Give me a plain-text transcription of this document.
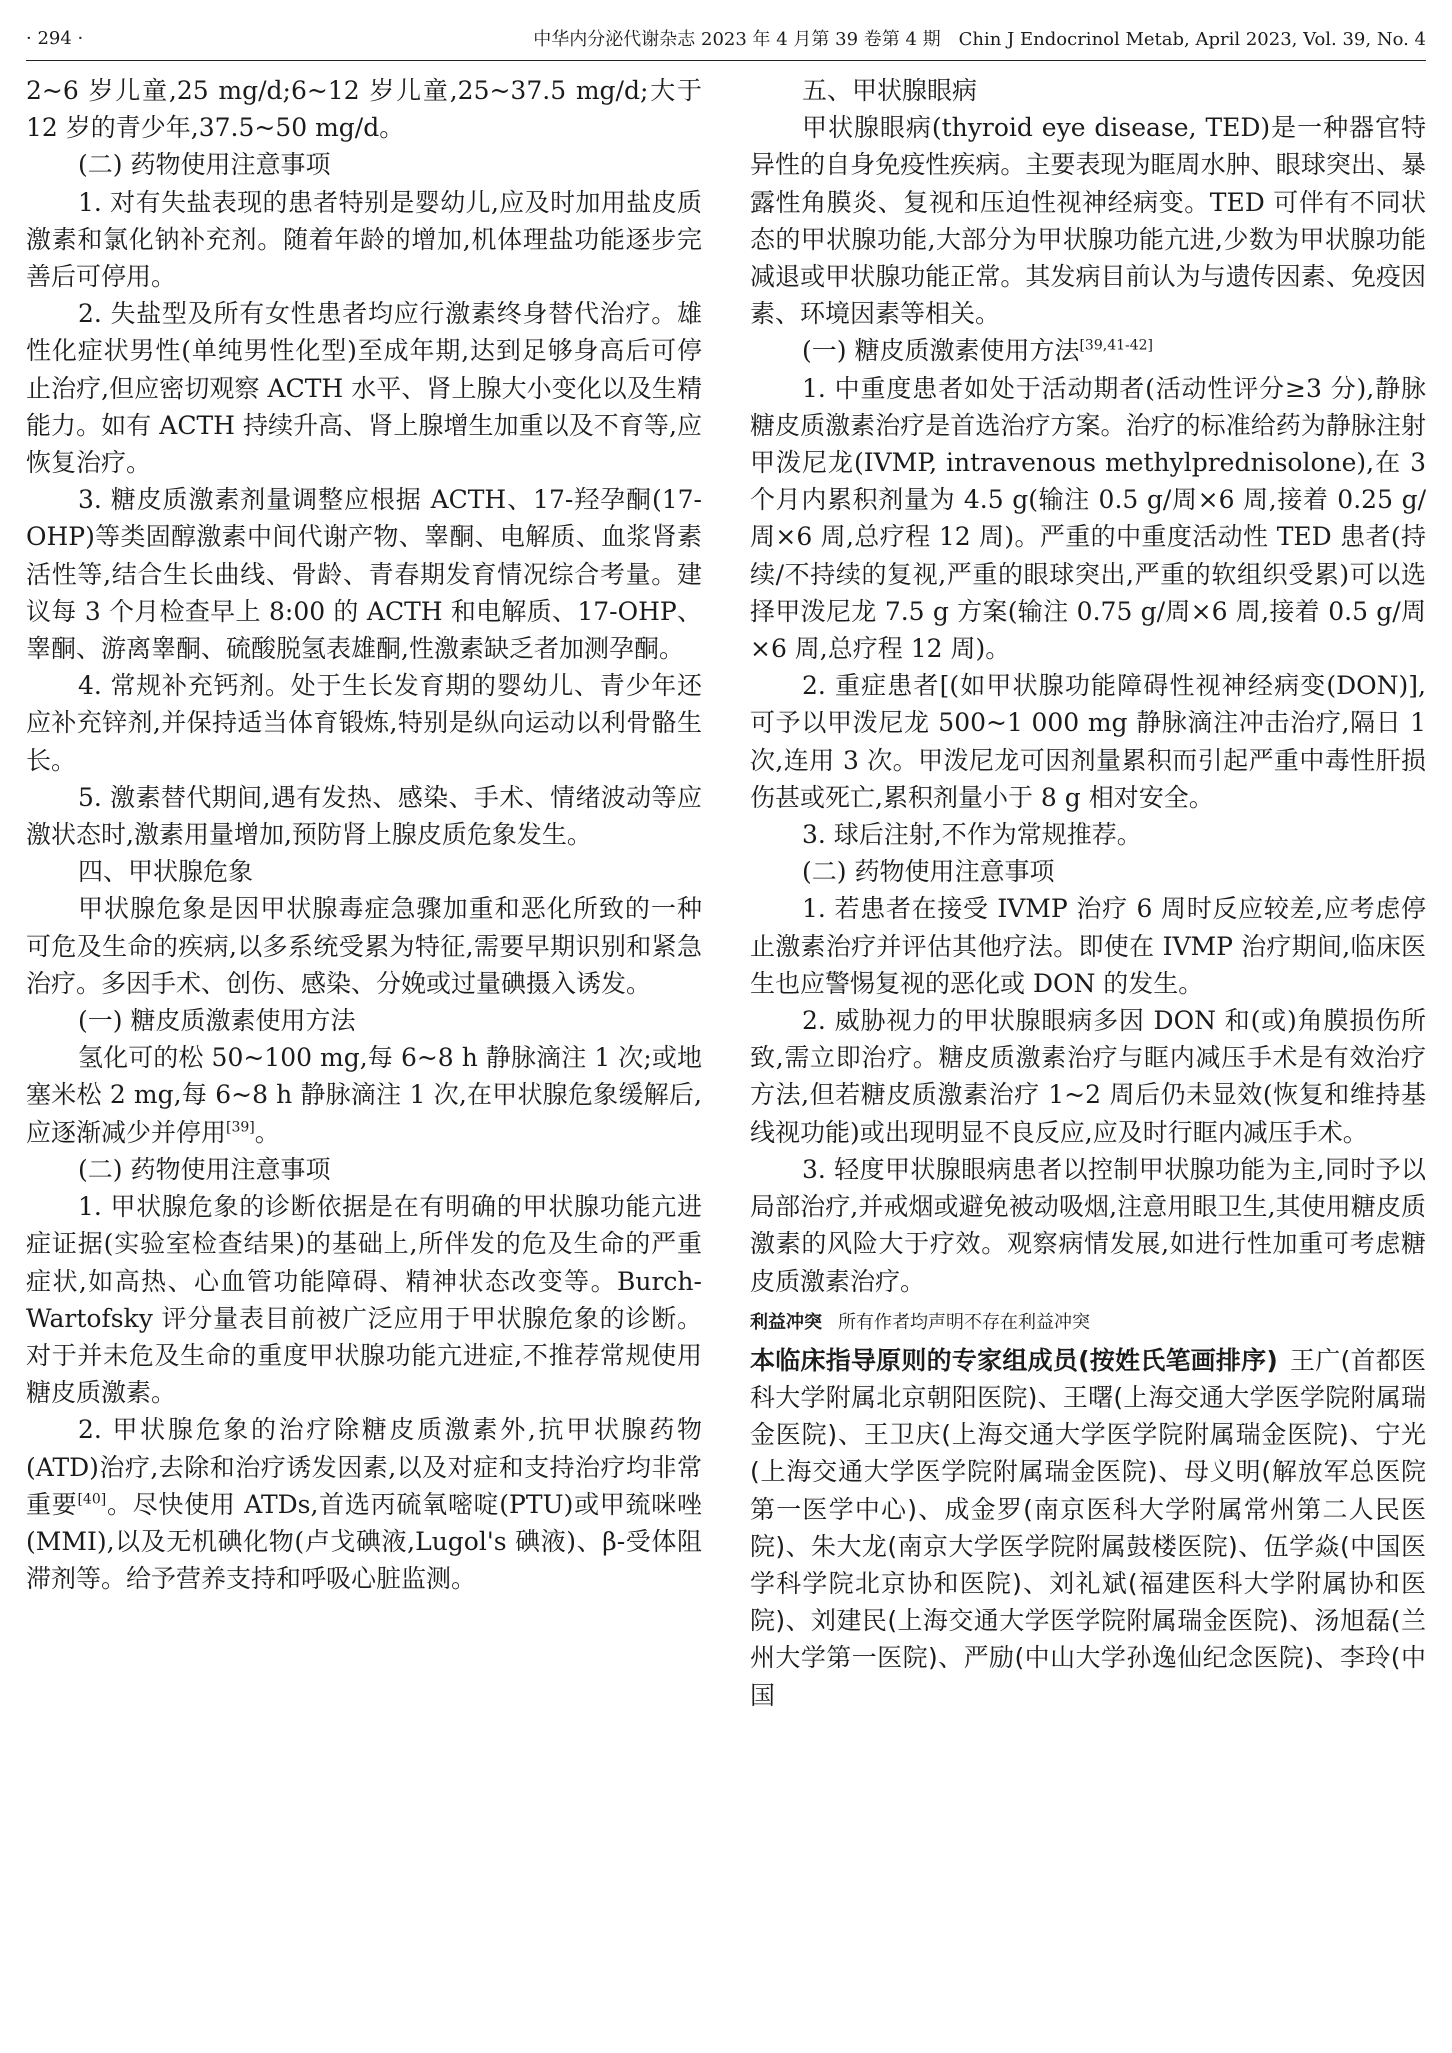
· 294 ·	中华内分泌代谢杂志 2023 年 4 月第 39 卷第 4 期　Chin J Endocrinol Metab, April 2023, Vol. 39, No. 4

2~6 岁儿童,25 mg/d;6~12 岁儿童,25~37.5 mg/d;大于 12 岁的青少年,37.5~50 mg/d。

(二) 药物使用注意事项

1. 对有失盐表现的患者特别是婴幼儿,应及时加用盐皮质激素和氯化钠补充剂。随着年龄的增加,机体理盐功能逐步完善后可停用。

2. 失盐型及所有女性患者均应行激素终身替代治疗。雄性化症状男性(单纯男性化型)至成年期,达到足够身高后可停止治疗,但应密切观察 ACTH 水平、肾上腺大小变化以及生精能力。如有 ACTH 持续升高、肾上腺增生加重以及不育等,应恢复治疗。

3. 糖皮质激素剂量调整应根据 ACTH、17-羟孕酮(17-OHP)等类固醇激素中间代谢产物、睾酮、电解质、血浆肾素活性等,结合生长曲线、骨龄、青春期发育情况综合考量。建议每 3 个月检查早上 8:00 的 ACTH 和电解质、17-OHP、睾酮、游离睾酮、硫酸脱氢表雄酮,性激素缺乏者加测孕酮。

4. 常规补充钙剂。处于生长发育期的婴幼儿、青少年还应补充锌剂,并保持适当体育锻炼,特别是纵向运动以利骨骼生长。

5. 激素替代期间,遇有发热、感染、手术、情绪波动等应激状态时,激素用量增加,预防肾上腺皮质危象发生。

四、甲状腺危象

甲状腺危象是因甲状腺毒症急骤加重和恶化所致的一种可危及生命的疾病,以多系统受累为特征,需要早期识别和紧急治疗。多因手术、创伤、感染、分娩或过量碘摄入诱发。

(一) 糖皮质激素使用方法

氢化可的松 50~100 mg,每 6~8 h 静脉滴注 1 次;或地塞米松 2 mg,每 6~8 h 静脉滴注 1 次,在甲状腺危象缓解后,应逐渐减少并停用[39]。

(二) 药物使用注意事项

1. 甲状腺危象的诊断依据是在有明确的甲状腺功能亢进症证据(实验室检查结果)的基础上,所伴发的危及生命的严重症状,如高热、心血管功能障碍、精神状态改变等。Burch-Wartofsky 评分量表目前被广泛应用于甲状腺危象的诊断。对于并未危及生命的重度甲状腺功能亢进症,不推荐常规使用糖皮质激素。

2. 甲状腺危象的治疗除糖皮质激素外,抗甲状腺药物(ATD)治疗,去除和治疗诱发因素,以及对症和支持治疗均非常重要[40]。尽快使用 ATDs,首选丙硫氧嘧啶(PTU)或甲巯咪唑(MMI),以及无机碘化物(卢戈碘液,Lugol's 碘液)、β-受体阻滞剂等。给予营养支持和呼吸心脏监测。

五、甲状腺眼病

甲状腺眼病(thyroid eye disease, TED)是一种器官特异性的自身免疫性疾病。主要表现为眶周水肿、眼球突出、暴露性角膜炎、复视和压迫性视神经病变。TED 可伴有不同状态的甲状腺功能,大部分为甲状腺功能亢进,少数为甲状腺功能减退或甲状腺功能正常。其发病目前认为与遗传因素、免疫因素、环境因素等相关。

(一) 糖皮质激素使用方法[39,41-42]

1. 中重度患者如处于活动期者(活动性评分≥3 分),静脉糖皮质激素治疗是首选治疗方案。治疗的标准给药为静脉注射甲泼尼龙(IVMP, intravenous methylprednisolone),在 3 个月内累积剂量为 4.5 g(输注 0.5 g/周×6 周,接着 0.25 g/周×6 周,总疗程 12 周)。严重的中重度活动性 TED 患者(持续/不持续的复视,严重的眼球突出,严重的软组织受累)可以选择甲泼尼龙 7.5 g 方案(输注 0.75 g/周×6 周,接着 0.5 g/周×6 周,总疗程 12 周)。

2. 重症患者[(如甲状腺功能障碍性视神经病变(DON)],可予以甲泼尼龙 500~1 000 mg 静脉滴注冲击治疗,隔日 1 次,连用 3 次。甲泼尼龙可因剂量累积而引起严重中毒性肝损伤甚或死亡,累积剂量小于 8 g 相对安全。

3. 球后注射,不作为常规推荐。

(二) 药物使用注意事项

1. 若患者在接受 IVMP 治疗 6 周时反应较差,应考虑停止激素治疗并评估其他疗法。即使在 IVMP 治疗期间,临床医生也应警惕复视的恶化或 DON 的发生。

2. 威胁视力的甲状腺眼病多因 DON 和(或)角膜损伤所致,需立即治疗。糖皮质激素治疗与眶内减压手术是有效治疗方法,但若糖皮质激素治疗 1~2 周后仍未显效(恢复和维持基线视功能)或出现明显不良反应,应及时行眶内减压手术。

3. 轻度甲状腺眼病患者以控制甲状腺功能为主,同时予以局部治疗,并戒烟或避免被动吸烟,注意用眼卫生,其使用糖皮质激素的风险大于疗效。观察病情发展,如进行性加重可考虑糖皮质激素治疗。

利益冲突 所有作者均声明不存在利益冲突

本临床指导原则的专家组成员(按姓氏笔画排序) 王广(首都医科大学附属北京朝阳医院)、王曙(上海交通大学医学院附属瑞金医院)、王卫庆(上海交通大学医学院附属瑞金医院)、宁光(上海交通大学医学院附属瑞金医院)、母义明(解放军总医院第一医学中心)、成金罗(南京医科大学附属常州第二人民医院)、朱大龙(南京大学医学院附属鼓楼医院)、伍学焱(中国医学科学院北京协和医院)、刘礼斌(福建医科大学附属协和医院)、刘建民(上海交通大学医学院附属瑞金医院)、汤旭磊(兰州大学第一医院)、严励(中山大学孙逸仙纪念医院)、李玲(中国
